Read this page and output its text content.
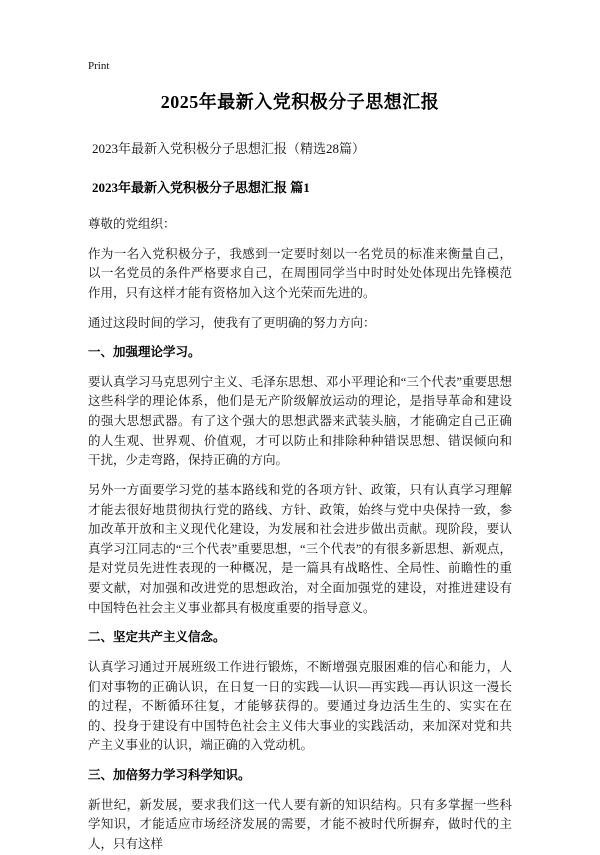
Print
2025年最新入党积极分子思想汇报
2023年最新入党积极分子思想汇报（精选28篇）
2023年最新入党积极分子思想汇报 篇1

尊敬的党组织：

作为一名入党积极分子，我感到一定要时刻以一名党员的标准来衡量自己，以一名党员的条件严格要求自己，在周围同学当中时时处处体现出先锋模范作用，只有这样才能有资格加入这个光荣而先进的。

通过这段时间的学习，使我有了更明确的努力方向：

一、加强理论学习。

要认真学习马克思列宁主义、毛泽东思想、邓小平理论和“三个代表”重要思想这些科学的理论体系，他们是无产阶级解放运动的理论，是指导革命和建设的强大思想武器。有了这个强大的思想武器来武装头脑，才能确定自己正确的人生观、世界观、价值观，才可以防止和排除种种错误思想、错误倾向和干扰，少走弯路，保持正确的方向。

另外一方面要学习党的基本路线和党的各项方针、政策，只有认真学习理解才能去很好地贯彻执行党的路线、方针、政策，始终与党中央保持一致，参加改革开放和主义现代化建设，为发展和社会进步做出贡献。现阶段，要认真学习江同志的“三个代表”重要思想，“三个代表”的有很多新思想、新观点，是对党员先进性表现的一种概况，是一篇具有战略性、全局性、前瞻性的重要文献，对加强和改进党的思想政治，对全面加强党的建设，对推进建设有中国特色社会主义事业都具有极度重要的指导意义。

二、坚定共产主义信念。

认真学习通过开展班级工作进行锻炼，不断增强克服困难的信心和能力，人们对事物的正确认识，在日复一日的实践—认识—再实践—再认识这一漫长的过程，不断循环往复，才能够获得的。要通过身边活生生的、实实在在的、投身于建设有中国特色社会主义伟大事业的实践活动，来加深对党和共产主义事业的认识，端正确的入党动机。

三、加倍努力学习科学知识。

新世纪，新发展，要求我们这一代人要有新的知识结构。只有多掌握一些科学知识，才能适应市场经济发展的需要，才能不被时代所摒弃，做时代的主人，只有这样
